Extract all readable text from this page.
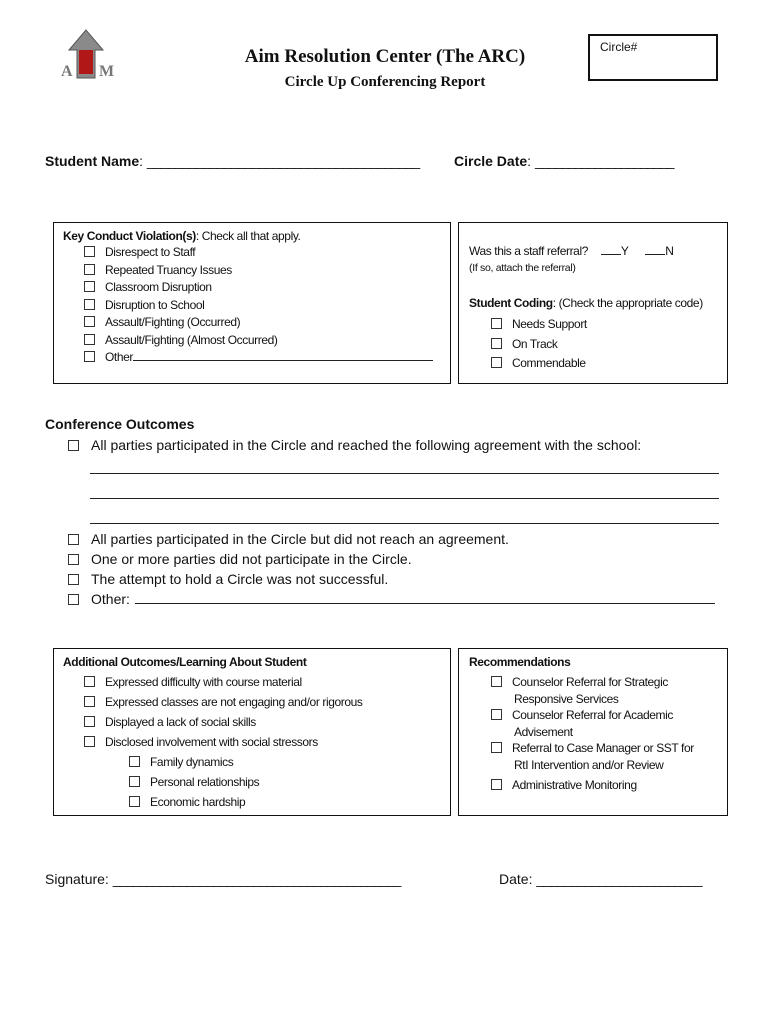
A M
Aim Resolution Center (The ARC)
Circle Up Conferencing Report
Circle#
Student Name: _______________________________________ Circle Date: _____________________
Key Conduct Violation(s): Check all that apply.
Disrespect to Staff
Repeated Truancy Issues
Classroom Disruption
Disruption to School
Assault/Fighting (Occurred)
Assault/Fighting (Almost Occurred)
Other
Was this a staff referral?	Y	N
(If so, attach the referral)
Student Coding: (Check the appropriate code)
Needs Support
On Track
Commendable
Conference Outcomes
All parties participated in the Circle and reached the following agreement with the school:
All parties participated in the Circle but did not reach an agreement.
One or more parties did not participate in the Circle.
The attempt to hold a Circle was not successful.
Other:
Additional Outcomes/Learning About Student
Expressed difficulty with course material
Expressed classes are not engaging and/or rigorous
Displayed a lack of social skills
Disclosed involvement with social stressors
Family dynamics
Personal relationships
Economic hardship
Recommendations
Counselor Referral for Strategic
Responsive Services
Counselor Referral for Academic
Advisement
Referral to Case Manager or SST for
RtI Intervention and/or Review
Administrative Monitoring
Signature: ___________________________________________	Date: ________________________
